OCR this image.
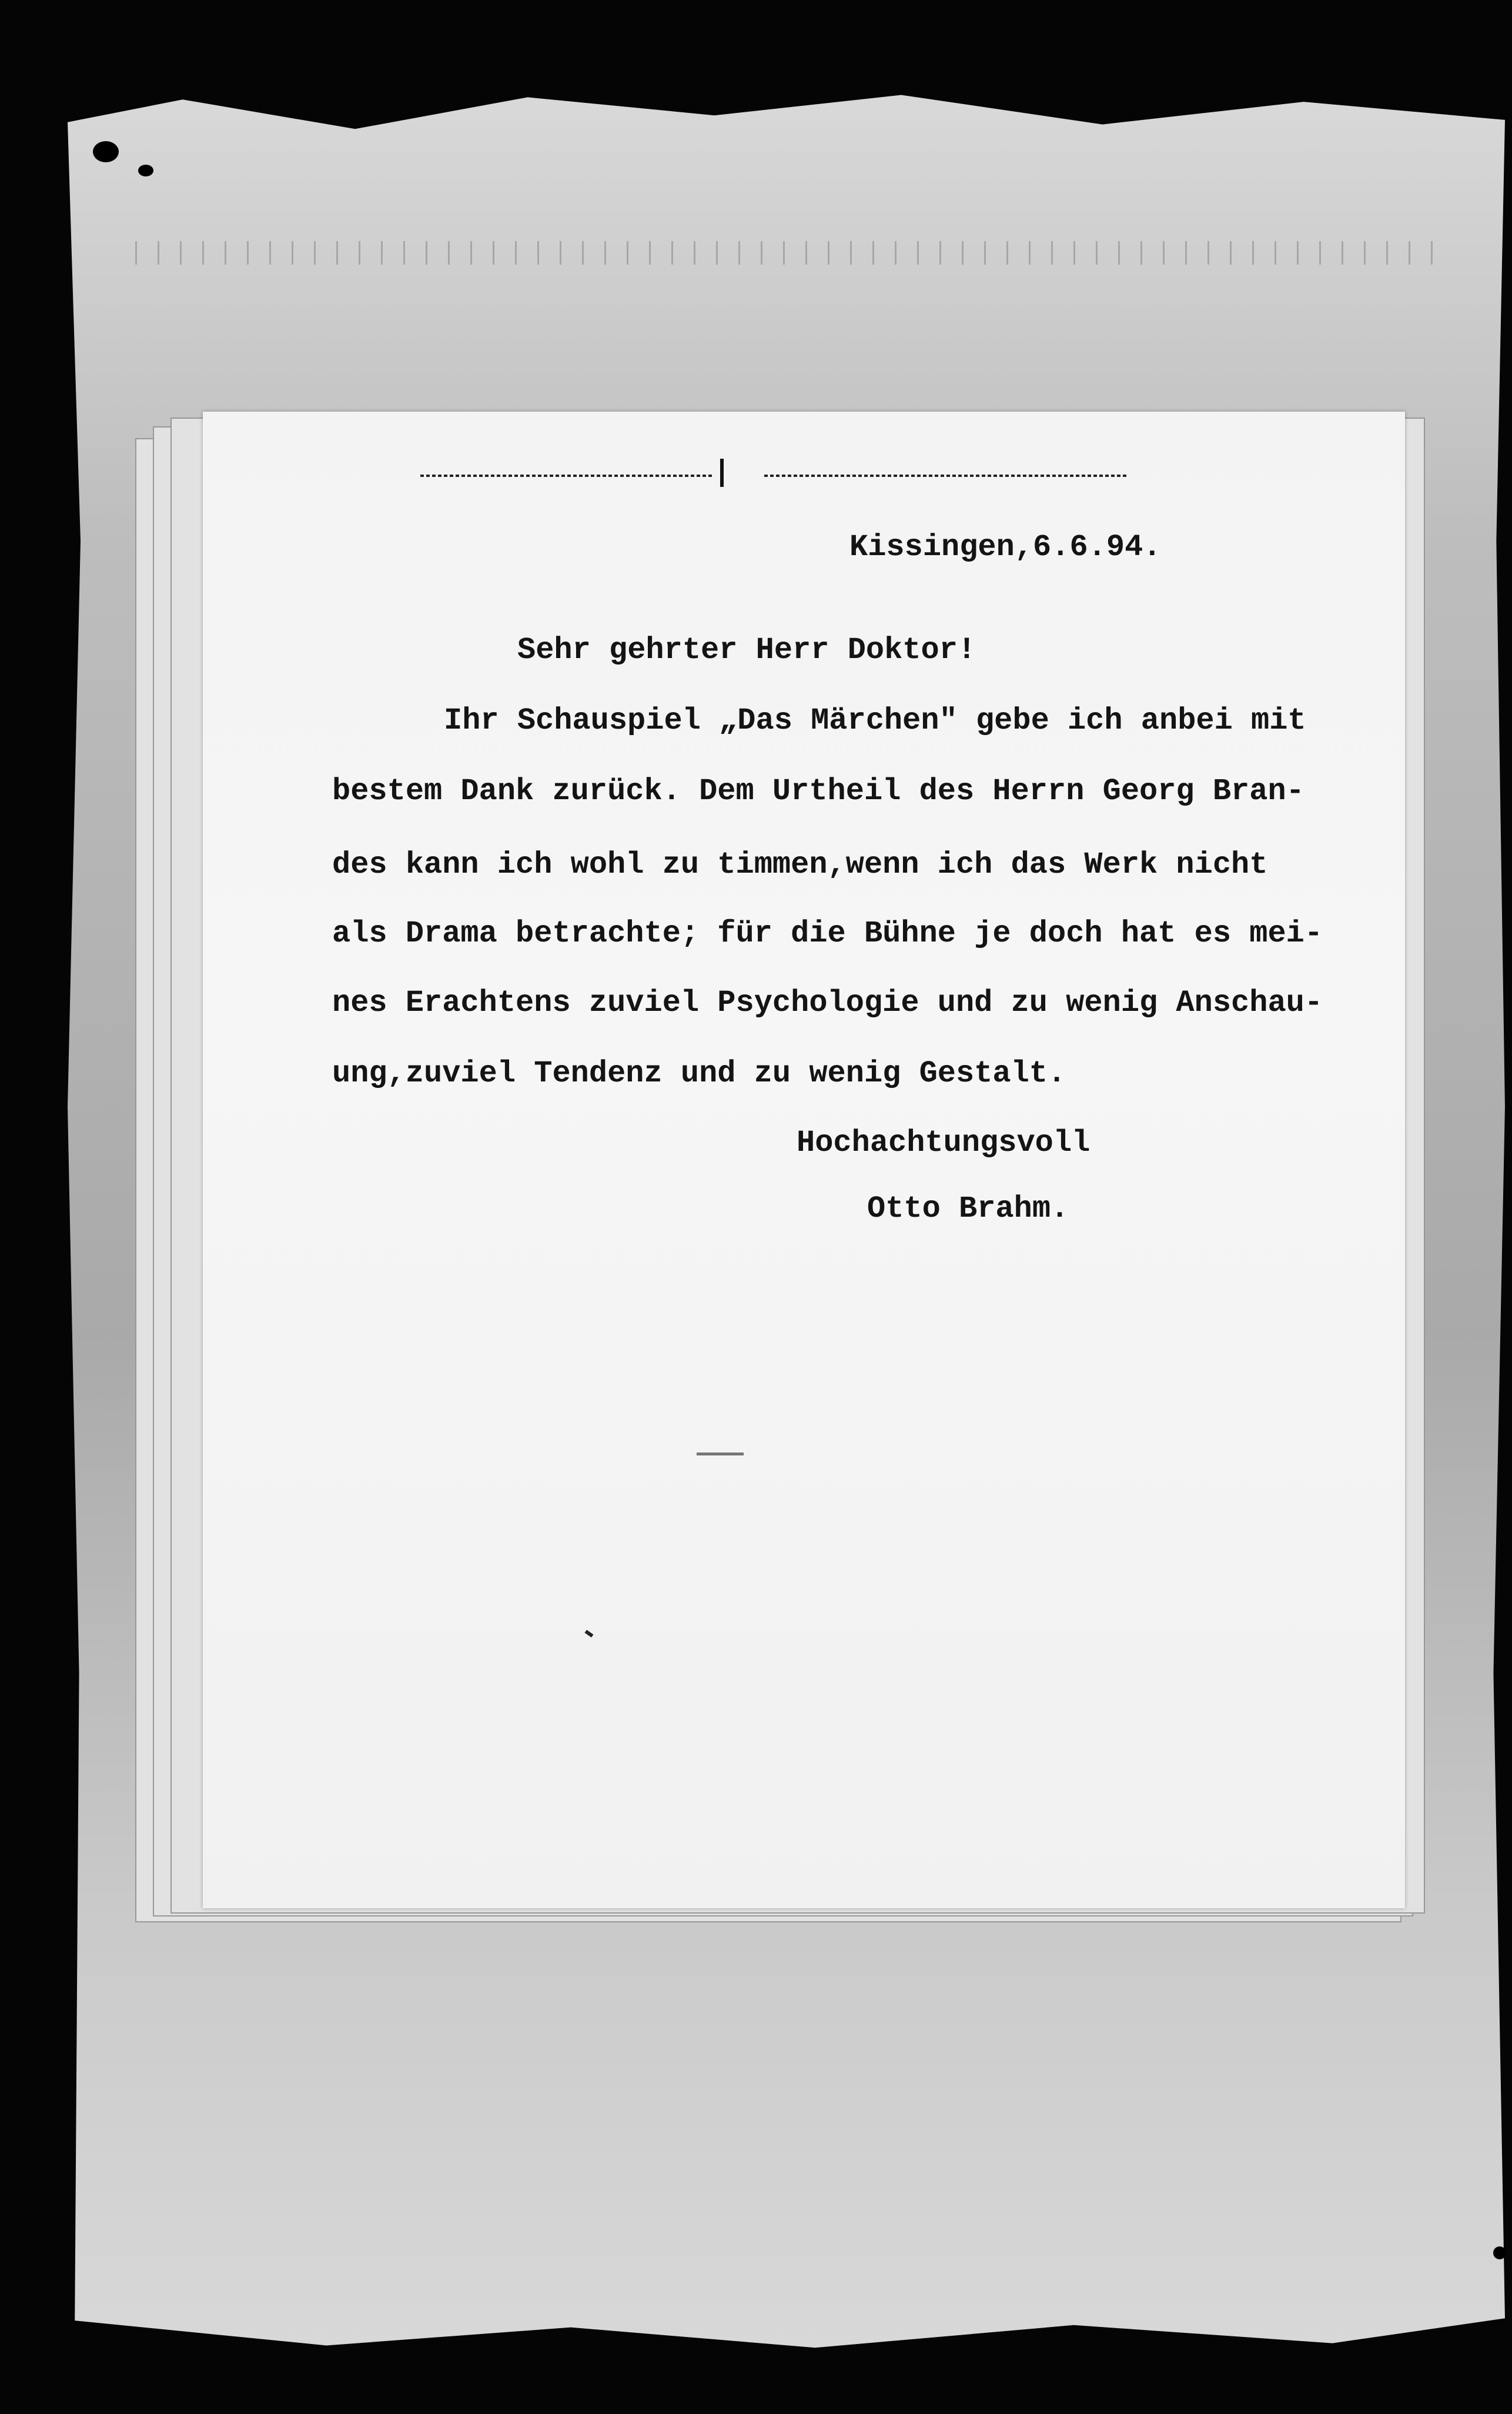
Kissingen,6.6.94.
Sehr gehrter Herr Doktor!
Ihr Schauspiel „Das Märchen" gebe ich anbei mit
bestem Dank zurück. Dem Urtheil des Herrn Georg Bran-
des kann ich wohl zu timmen,wenn ich das Werk nicht
als Drama betrachte; für die Bühne je doch hat es mei-
nes Erachtens zuviel Psychologie und zu wenig Anschau-
ung,zuviel Tendenz und zu wenig Gestalt.
Hochachtungsvoll
Otto Brahm.
